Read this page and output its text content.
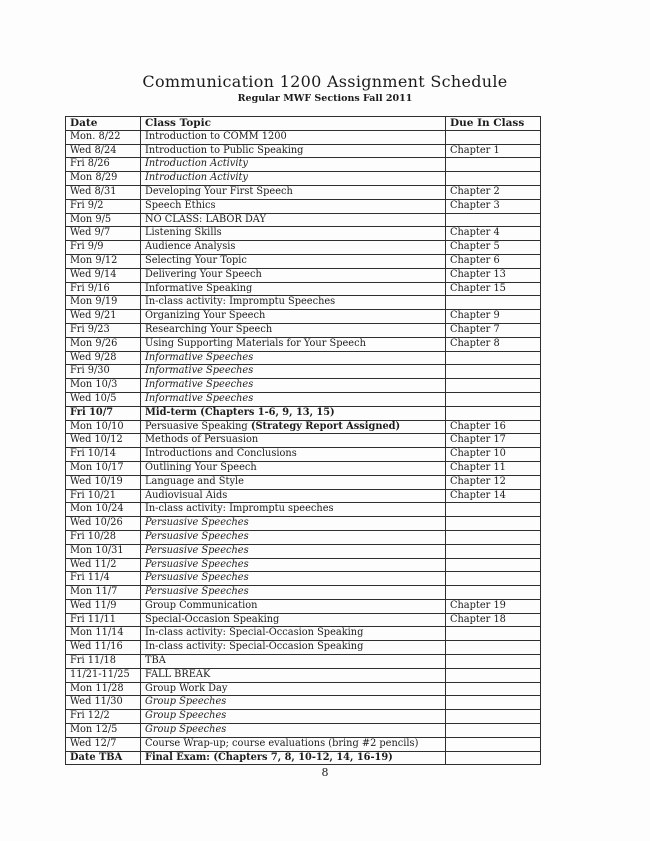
Communication 1200 Assignment Schedule
Regular MWF Sections Fall 2011
Date	Class Topic	Due In Class
Mon. 8/22	Introduction to COMM 1200	
Wed 8/24	Introduction to Public Speaking	Chapter 1
Fri 8/26	Introduction Activity	
Mon 8/29	Introduction Activity	
Wed 8/31	Developing Your First Speech	Chapter 2
Fri 9/2	Speech Ethics	Chapter 3
Mon 9/5	NO CLASS: LABOR DAY	
Wed 9/7	Listening Skills	Chapter 4
Fri 9/9	Audience Analysis	Chapter 5
Mon 9/12	Selecting Your Topic	Chapter 6
Wed 9/14	Delivering Your Speech	Chapter 13
Fri 9/16	Informative Speaking	Chapter 15
Mon 9/19	In-class activity: Impromptu Speeches	
Wed 9/21	Organizing Your Speech	Chapter 9
Fri 9/23	Researching Your Speech	Chapter 7
Mon 9/26	Using Supporting Materials for Your Speech	Chapter 8
Wed 9/28	Informative Speeches	
Fri 9/30	Informative Speeches	
Mon 10/3	Informative Speeches	
Wed 10/5	Informative Speeches	
Fri 10/7	Mid-term (Chapters 1-6, 9, 13, 15)	
Mon 10/10	Persuasive Speaking (Strategy Report Assigned)	Chapter 16
Wed 10/12	Methods of Persuasion	Chapter 17
Fri 10/14	Introductions and Conclusions	Chapter 10
Mon 10/17	Outlining Your Speech	Chapter 11
Wed 10/19	Language and Style	Chapter 12
Fri 10/21	Audiovisual Aids	Chapter 14
Mon 10/24	In-class activity: Impromptu speeches	
Wed 10/26	Persuasive Speeches	
Fri 10/28	Persuasive Speeches	
Mon 10/31	Persuasive Speeches	
Wed 11/2	Persuasive Speeches	
Fri 11/4	Persuasive Speeches	
Mon 11/7	Persuasive Speeches	
Wed 11/9	Group Communication	Chapter 19
Fri 11/11	Special-Occasion Speaking	Chapter 18
Mon 11/14	In-class activity: Special-Occasion Speaking	
Wed 11/16	In-class activity: Special-Occasion Speaking	
Fri 11/18	TBA	
11/21-11/25	FALL BREAK	
Mon 11/28	Group Work Day	
Wed 11/30	Group Speeches	
Fri 12/2	Group Speeches	
Mon 12/5	Group Speeches	
Wed 12/7	Course Wrap-up; course evaluations (bring #2 pencils)	
Date TBA	Final Exam: (Chapters 7, 8, 10-12, 14, 16-19)	
8
